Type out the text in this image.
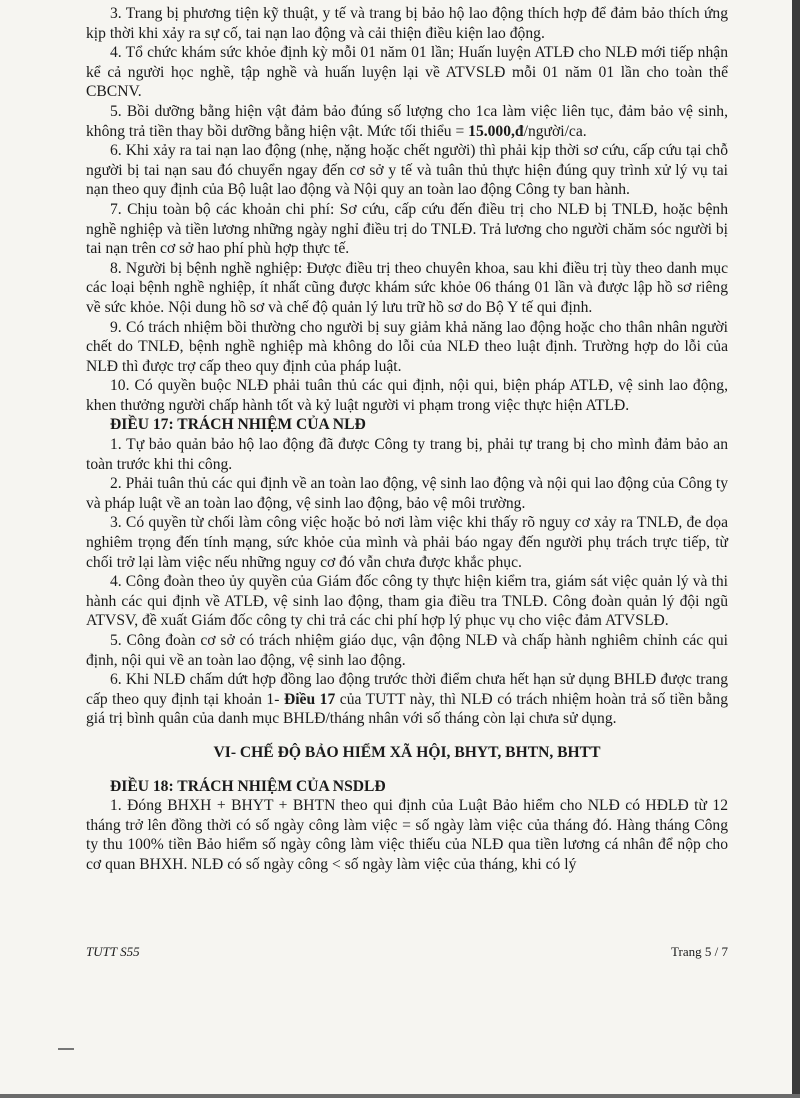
3. Trang bị phương tiện kỹ thuật, y tế và trang bị bảo hộ lao động thích hợp để đảm bảo thích ứng kịp thời khi xảy ra sự cố, tai nạn lao động và cải thiện điều kiện lao động.

4. Tổ chức khám sức khỏe định kỳ mỗi 01 năm 01 lần; Huấn luyện ATLĐ cho NLĐ mới tiếp nhận kể cả người học nghề, tập nghề và huấn luyện lại về ATVSLĐ mỗi 01 năm 01 lần cho toàn thể CBCNV.

5. Bồi dưỡng bằng hiện vật đảm bảo đúng số lượng cho 1ca làm việc liên tục, đảm bảo vệ sinh, không trả tiền thay bồi dưỡng bằng hiện vật. Mức tối thiểu = 15.000,đ/người/ca.

6. Khi xảy ra tai nạn lao động (nhẹ, nặng hoặc chết người) thì phải kịp thời sơ cứu, cấp cứu tại chỗ người bị tai nạn sau đó chuyển ngay đến cơ sở y tế và tuân thủ thực hiện đúng quy trình xử lý vụ tai nạn theo quy định của Bộ luật lao động và Nội quy an toàn lao động Công ty ban hành.

7. Chịu toàn bộ các khoản chi phí: Sơ cứu, cấp cứu đến điều trị cho NLĐ bị TNLĐ, hoặc bệnh nghề nghiệp và tiền lương những ngày nghỉ điều trị do TNLĐ. Trả lương cho người chăm sóc người bị tai nạn trên cơ sở hao phí phù hợp thực tế.

8. Người bị bệnh nghề nghiệp: Được điều trị theo chuyên khoa, sau khi điều trị tùy theo danh mục các loại bệnh nghề nghiệp, ít nhất cũng được khám sức khỏe 06 tháng 01 lần và được lập hồ sơ riêng về sức khỏe. Nội dung hồ sơ và chế độ quản lý lưu trữ hồ sơ do Bộ Y tế qui định.

9. Có trách nhiệm bồi thường cho người bị suy giảm khả năng lao động hoặc cho thân nhân người chết do TNLĐ, bệnh nghề nghiệp mà không do lỗi của NLĐ theo luật định. Trường hợp do lỗi của NLĐ thì được trợ cấp theo quy định của pháp luật.

10. Có quyền buộc NLĐ phải tuân thủ các qui định, nội qui, biện pháp ATLĐ, vệ sinh lao động, khen thưởng người chấp hành tốt và kỷ luật người vi phạm trong việc thực hiện ATLĐ.

ĐIỀU 17: TRÁCH NHIỆM CỦA NLĐ

1. Tự bảo quản bảo hộ lao động đã được Công ty trang bị, phải tự trang bị cho mình đảm bảo an toàn trước khi thi công.

2. Phải tuân thủ các qui định về an toàn lao động, vệ sinh lao động và nội qui lao động của Công ty và pháp luật về an toàn lao động, vệ sinh lao động, bảo vệ môi trường.

3. Có quyền từ chối làm công việc hoặc bỏ nơi làm việc khi thấy rõ nguy cơ xảy ra TNLĐ, đe dọa nghiêm trọng đến tính mạng, sức khỏe của mình và phải báo ngay đến người phụ trách trực tiếp, từ chối trở lại làm việc nếu những nguy cơ đó vẫn chưa được khắc phục.

4. Công đoàn theo ủy quyền của Giám đốc công ty thực hiện kiểm tra, giám sát việc quản lý và thi hành các qui định về ATLĐ, vệ sinh lao động, tham gia điều tra TNLĐ. Công đoàn quản lý đội ngũ ATVSV, đề xuất Giám đốc công ty chi trả các chi phí hợp lý phục vụ cho việc đảm ATVSLĐ.

5. Công đoàn cơ sở có trách nhiệm giáo dục, vận động NLĐ và chấp hành nghiêm chỉnh các qui định, nội qui về an toàn lao động, vệ sinh lao động.

6. Khi NLĐ chấm dứt hợp đồng lao động trước thời điểm chưa hết hạn sử dụng BHLĐ được trang cấp theo quy định tại khoản 1- Điều 17 của TUTT này, thì NLĐ có trách nhiệm hoàn trả số tiền bằng giá trị bình quân của danh mục BHLĐ/tháng nhân với số tháng còn lại chưa sử dụng.

VI- CHẾ ĐỘ BẢO HIỂM XÃ HỘI, BHYT, BHTN, BHTT

ĐIỀU 18: TRÁCH NHIỆM CỦA NSDLĐ

1. Đóng BHXH + BHYT + BHTN theo qui định của Luật Bảo hiểm cho NLĐ có HĐLĐ từ 12 tháng trở lên đồng thời có số ngày công làm việc = số ngày làm việc của tháng đó. Hàng tháng Công ty thu 100% tiền Bảo hiểm số ngày công làm việc thiếu của NLĐ qua tiền lương cá nhân để nộp cho cơ quan BHXH. NLĐ có số ngày công < số ngày làm việc của tháng, khi có lý

TUTT S55	Trang 5 / 7
